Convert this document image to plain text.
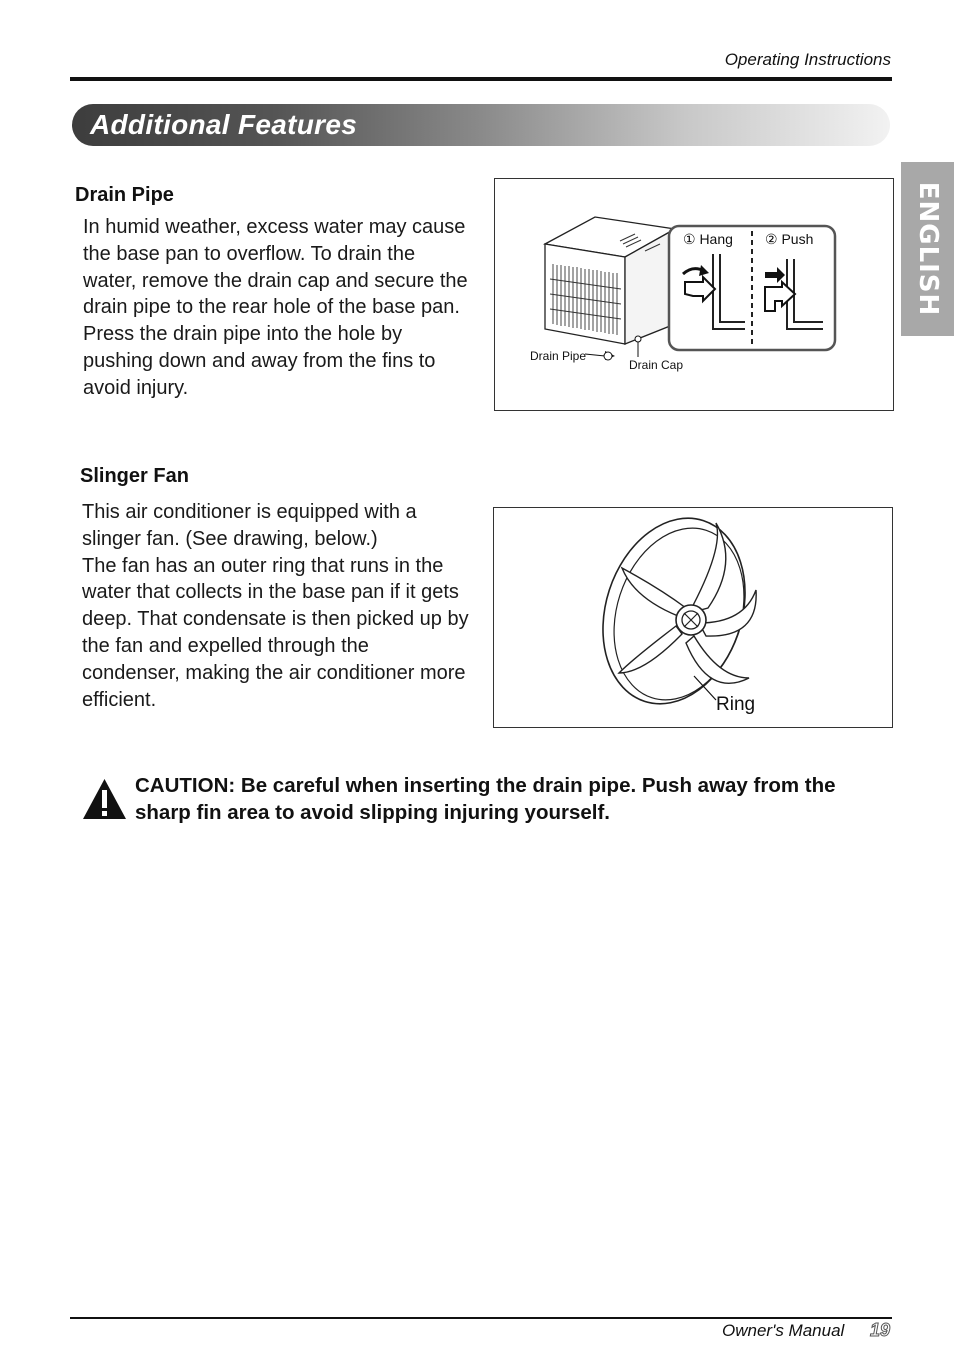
Operating Instructions
Additional Features
ENGLISH
Drain Pipe

In humid weather, excess water may cause the base pan to overflow. To drain the water, remove the drain cap and secure the drain pipe to the rear hole of the base pan.

Press the drain pipe into the hole by pushing down and away from the fins to avoid injury.

① Hang ② Push
Drain Pipe
Drain Cap
Slinger Fan

This air conditioner is equipped with a slinger fan. (See drawing, below.)

The fan has an outer ring that runs in the water that collects in the base pan if it gets deep. That condensate is then picked up by the fan and expelled through the condenser, making the air conditioner more efficient.	Ring
CAUTION: Be careful when inserting the drain pipe. Push away from the sharp fin area to avoid slipping injuring yourself.
Owner's Manual 19
